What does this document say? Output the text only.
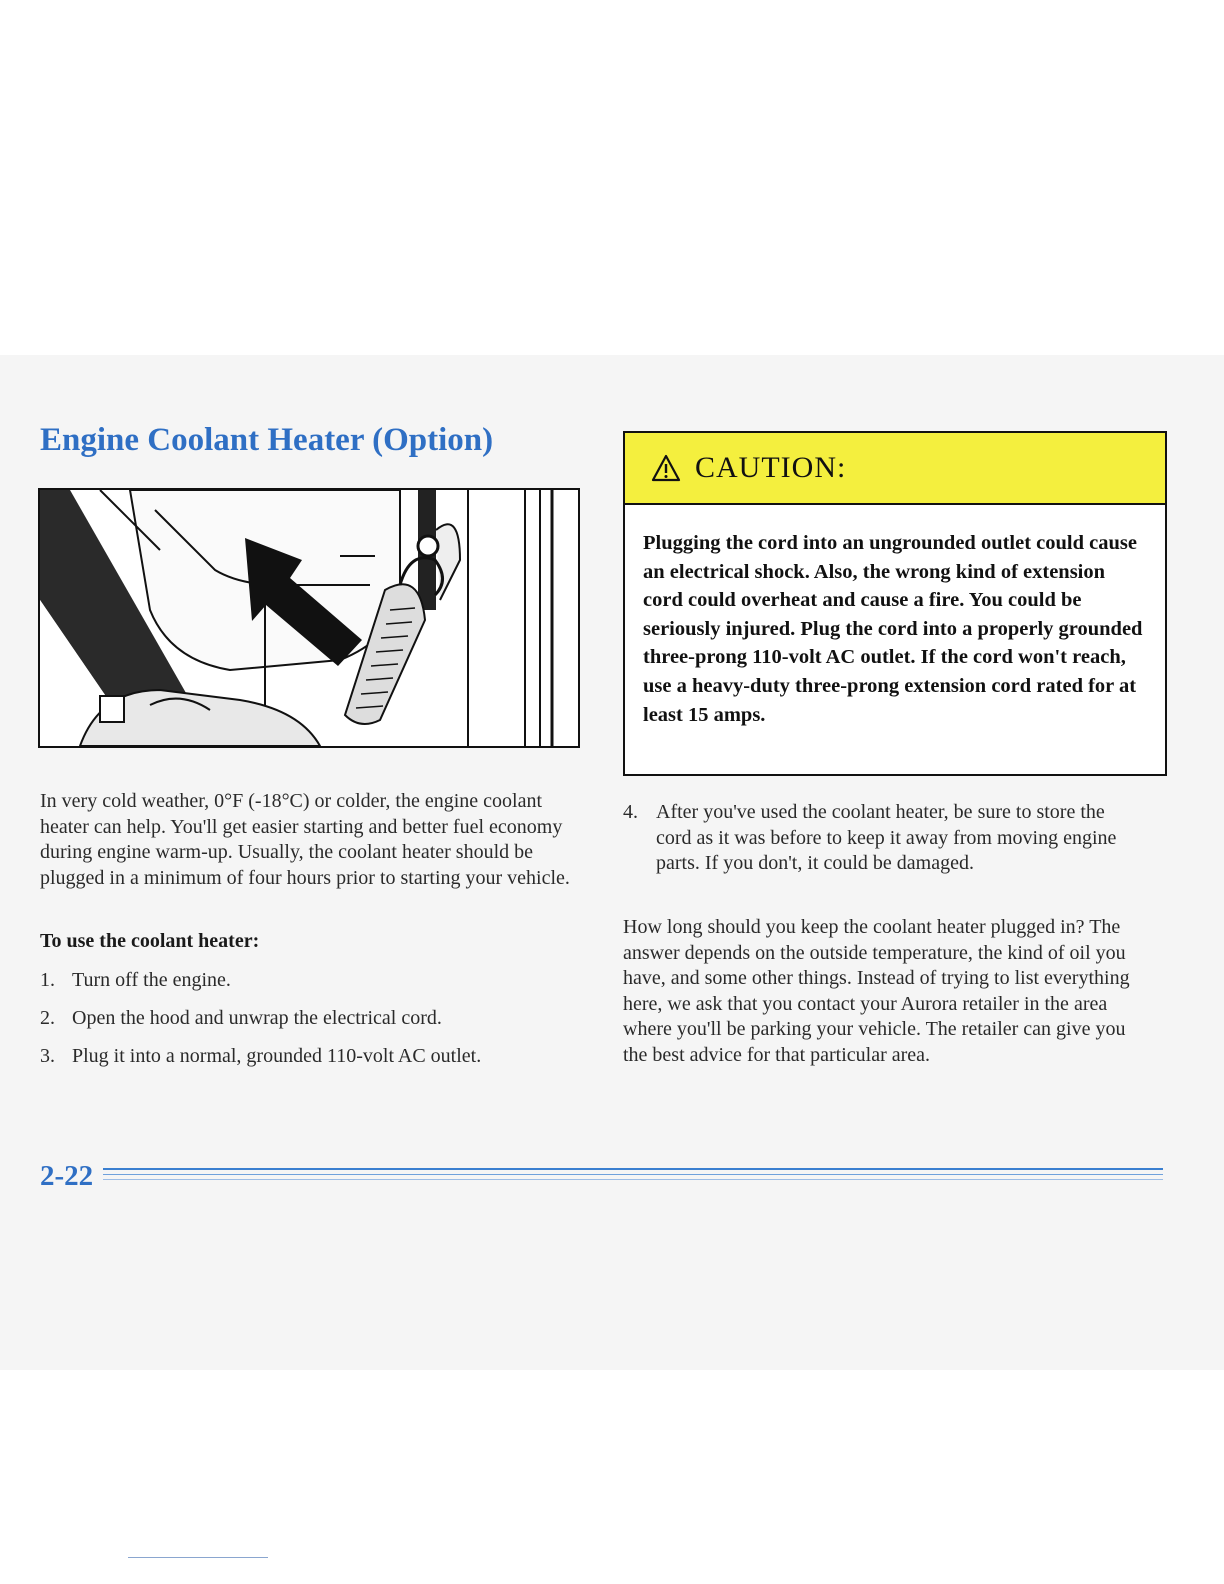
Engine Coolant Heater (Option)

In very cold weather, 0°F (-18°C) or colder, the engine coolant heater can help. You'll get easier starting and better fuel economy during engine warm-up. Usually, the coolant heater should be plugged in a minimum of four hours prior to starting your vehicle.

To use the coolant heater:
1. Turn off the engine.
2. Open the hood and unwrap the electrical cord.
3. Plug it into a normal, grounded 110-volt AC outlet.
CAUTION:

Plugging the cord into an ungrounded outlet could cause an electrical shock. Also, the wrong kind of extension cord could overheat and cause a fire. You could be seriously injured. Plug the cord into a properly grounded three-prong 110-volt AC outlet. If the cord won't reach, use a heavy-duty three-prong extension cord rated for at least 15 amps.

4. After you've used the coolant heater, be sure to store the cord as it was before to keep it away from moving engine parts. If you don't, it could be damaged.

How long should you keep the coolant heater plugged in? The answer depends on the outside temperature, the kind of oil you have, and some other things. Instead of trying to list everything here, we ask that you contact your Aurora retailer in the area where you'll be parking your vehicle. The retailer can give you the best advice for that particular area.

2-22
